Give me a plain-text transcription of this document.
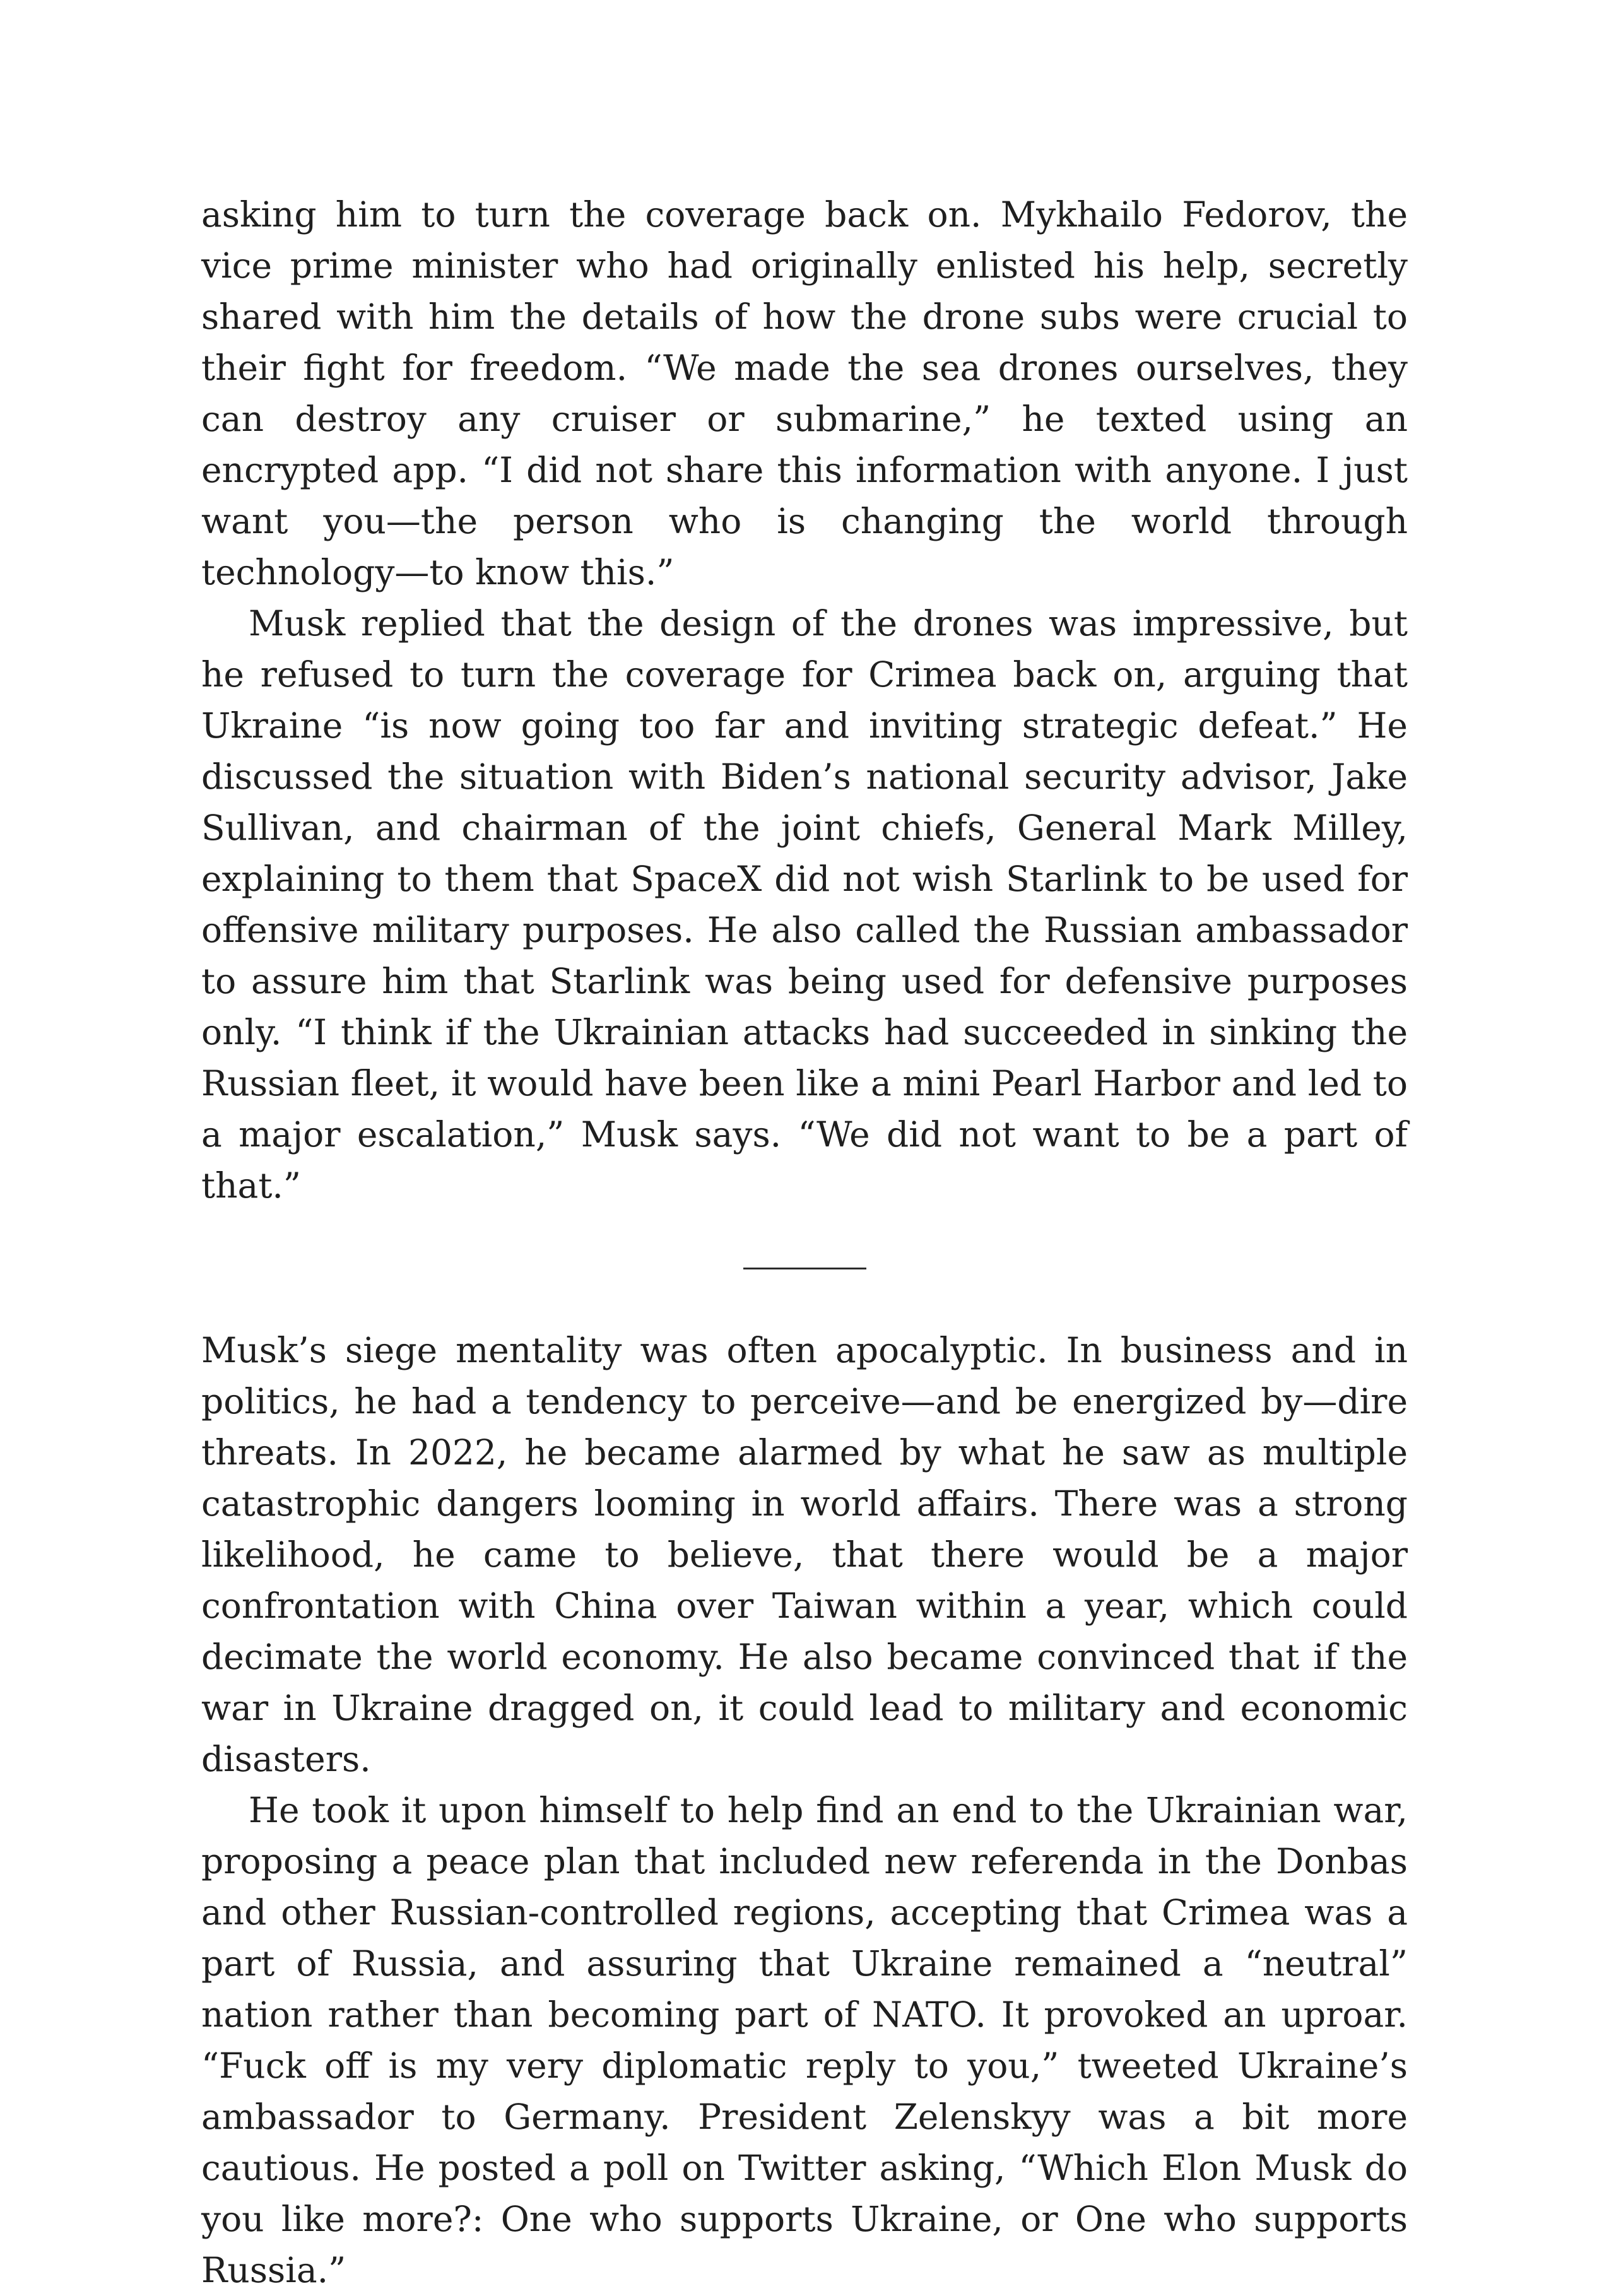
asking him to turn the coverage back on. Mykhailo Fedorov, the vice prime minister who had originally enlisted his help, secretly shared with him the details of how the drone subs were crucial to their fight for freedom. “We made the sea drones ourselves, they can destroy any cruiser or submarine,” he texted using an encrypted app. “I did not share this information with anyone. I just want you—the person who is changing the world through technology—to know this.”

Musk replied that the design of the drones was impressive, but he refused to turn the coverage for Crimea back on, arguing that Ukraine “is now going too far and inviting strategic defeat.” He discussed the situation with Biden’s national security advisor, Jake Sullivan, and chairman of the joint chiefs, General Mark Milley, explaining to them that SpaceX did not wish Starlink to be used for offensive military purposes. He also called the Russian ambassador to assure him that Starlink was being used for defensive purposes only. “I think if the Ukrainian attacks had succeeded in sinking the Russian fleet, it would have been like a mini Pearl Harbor and led to a major escalation,” Musk says. “We did not want to be a part of that.”

Musk’s siege mentality was often apocalyptic. In business and in politics, he had a tendency to perceive—and be energized by—dire threats. In 2022, he became alarmed by what he saw as multiple catastrophic dangers looming in world affairs. There was a strong likelihood, he came to believe, that there would be a major confrontation with China over Taiwan within a year, which could decimate the world economy. He also became convinced that if the war in Ukraine dragged on, it could lead to military and economic disasters.

He took it upon himself to help find an end to the Ukrainian war, proposing a peace plan that included new referenda in the Donbas and other Russian-controlled regions, accepting that Crimea was a part of Russia, and assuring that Ukraine remained a “neutral” nation rather than becoming part of NATO. It provoked an uproar. “Fuck off is my very diplomatic reply to you,” tweeted Ukraine’s ambassador to Germany. President Zelenskyy was a bit more cautious. He posted a poll on Twitter asking, “Which Elon Musk do you like more?: One who supports Ukraine, or One who supports Russia.”
